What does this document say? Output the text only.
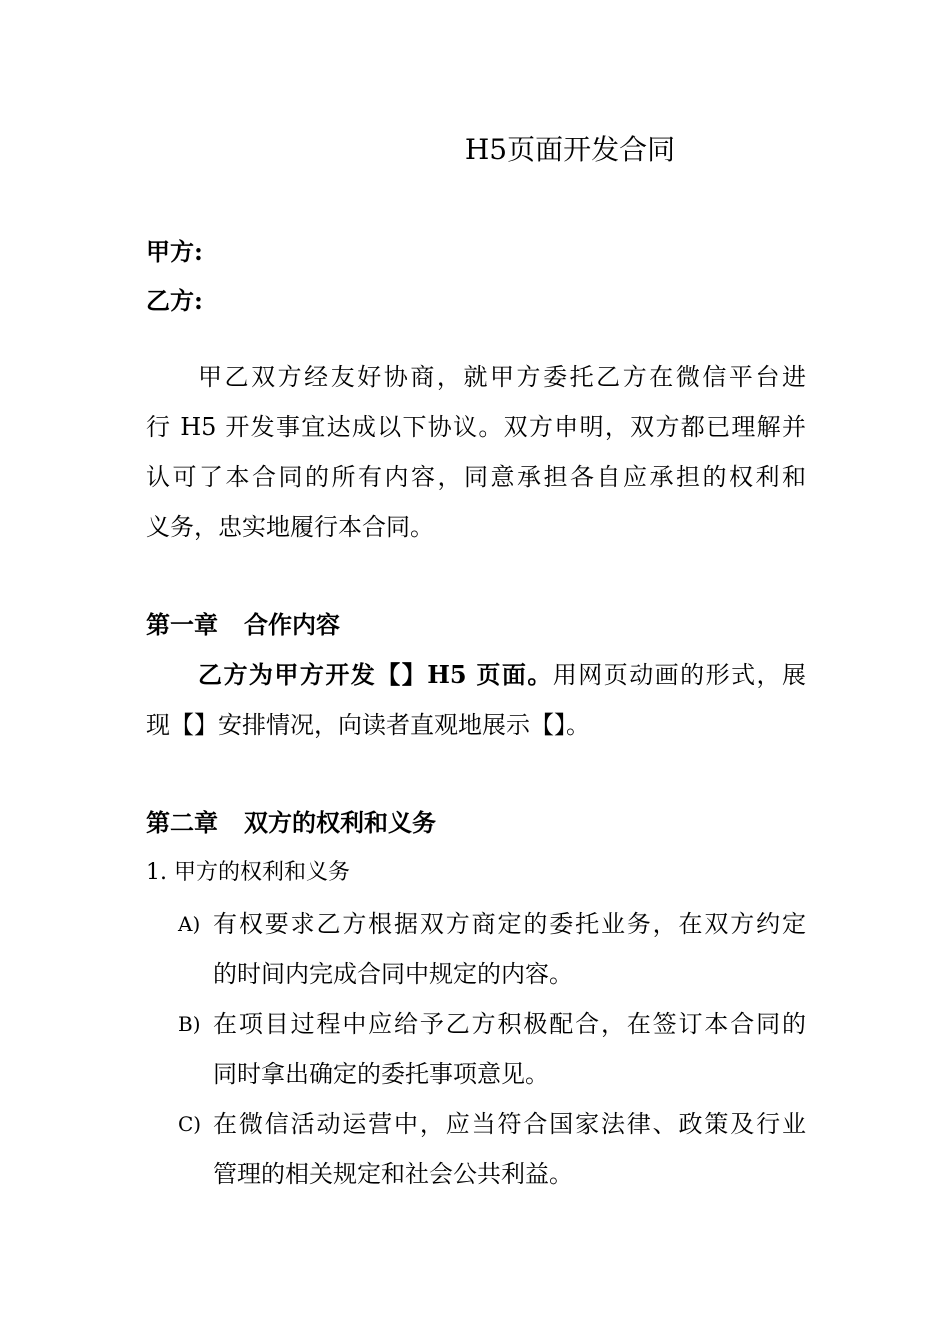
H5页面开发合同
甲方:
乙方:
甲乙双方经友好协商，就甲方委托乙方在微信平台进
行 H5 开发事宜达成以下协议。双方申明，双方都已理解并
认可了本合同的所有内容，同意承担各自应承担的权利和
义务，忠实地履行本合同。
第一章 合作内容
乙方为甲方开发【】H5 页面。用网页动画的形式，展
现【】安排情况，向读者直观地展示【】。
第二章 双方的权利和义务
1. 甲方的权利和义务
A) 有权要求乙方根据双方商定的委托业务，在双方约定
的时间内完成合同中规定的内容。
B) 在项目过程中应给予乙方积极配合，在签订本合同的
同时拿出确定的委托事项意见。
C) 在微信活动运营中，应当符合国家法律、政策及行业
管理的相关规定和社会公共利益。
